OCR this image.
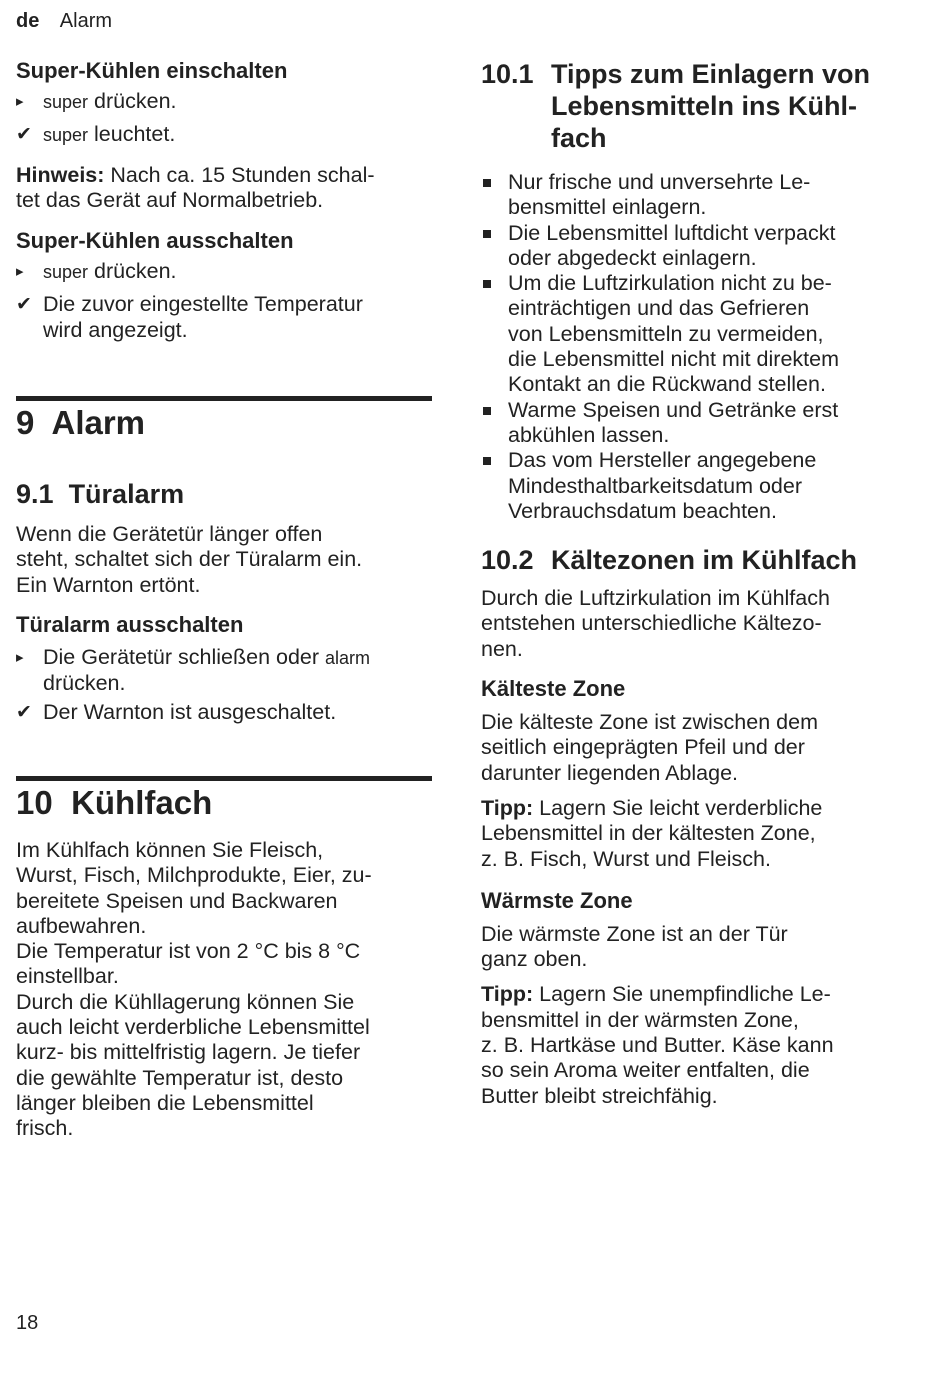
de Alarm

Super-Kühlen einschalten

▸	super drücken.
✔ super leuchtet.

Hinweis: Nach ca. 15 Stunden schal-
tet das Gerät auf Normalbetrieb.

Super-Kühlen ausschalten

▸	super drücken.
✔ Die zuvor eingestellte Temperatur
wird angezeigt.

9 Alarm

9.1 Türalarm

Wenn die Gerätetür länger offen
steht, schaltet sich der Türalarm ein.
Ein Warnton ertönt.

Türalarm ausschalten

▸ Die Gerätetür schließen oder alarm
drücken.
✔ Der Warnton ist ausgeschaltet.

10 Kühlfach

Im Kühlfach können Sie Fleisch,
Wurst, Fisch, Milchprodukte, Eier, zu-
bereitete Speisen und Backwaren
aufbewahren.
Die Temperatur ist von 2 °C bis 8 °C
einstellbar.
Durch die Kühllagerung können Sie
auch leicht verderbliche Lebensmittel
kurz- bis mittelfristig lagern. Je tiefer
die gewählte Temperatur ist, desto
länger bleiben die Lebensmittel
frisch.

10.1 Tipps zum Einlagern von
Lebensmitteln ins Kühl-
fach
Nur frische und unversehrte Le-
bensmittel einlagern.
Die Lebensmittel luftdicht verpackt
oder abgedeckt einlagern.
Um die Luftzirkulation nicht zu be-
einträchtigen und das Gefrieren
von Lebensmitteln zu vermeiden,
die Lebensmittel nicht mit direktem
Kontakt an die Rückwand stellen.
Warme Speisen und Getränke erst
abkühlen lassen.
Das vom Hersteller angegebene
Mindesthaltbarkeitsdatum oder
Verbrauchsdatum beachten.
10.2 Kältezonen im Kühlfach

Durch die Luftzirkulation im Kühlfach
entstehen unterschiedliche Kältezo-
nen.

Kälteste Zone

Die kälteste Zone ist zwischen dem
seitlich eingeprägten Pfeil und der
darunter liegenden Ablage.

Tipp: Lagern Sie leicht verderbliche
Lebensmittel in der kältesten Zone,
z. B. Fisch, Wurst und Fleisch.

Wärmste Zone

Die wärmste Zone ist an der Tür
ganz oben.

Tipp: Lagern Sie unempfindliche Le-
bensmittel in der wärmsten Zone,
z. B. Hartkäse und Butter. Käse kann
so sein Aroma weiter entfalten, die
Butter bleibt streichfähig.

18
